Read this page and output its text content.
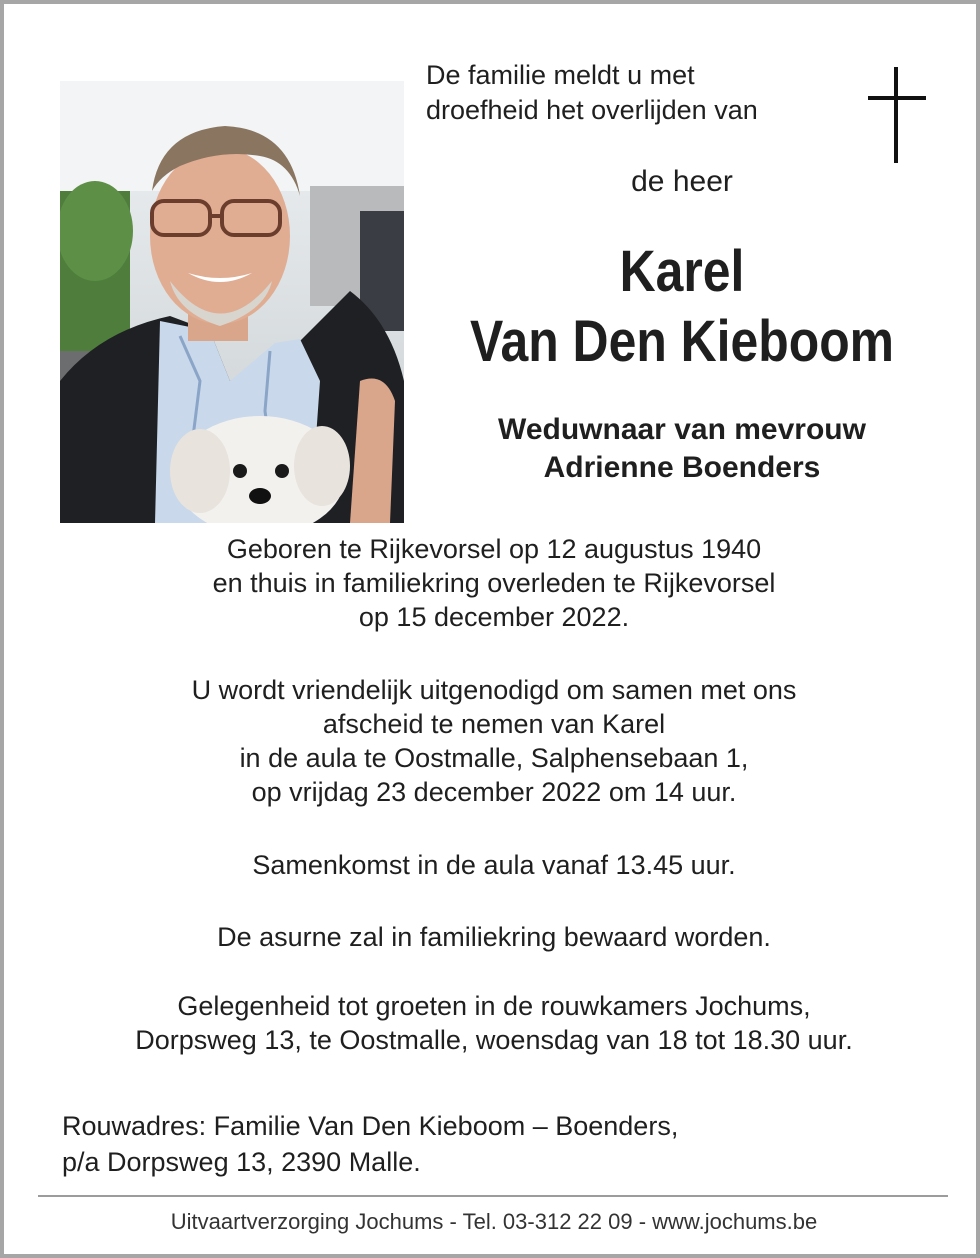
De familie meldt u met
droefheid het overlijden van
de heer
Karel
Van Den Kieboom
Weduwnaar van mevrouw
Adrienne Boenders
Geboren te Rijkevorsel op 12 augustus 1940
en thuis in familiekring overleden te Rijkevorsel
op 15 december 2022.
U wordt vriendelijk uitgenodigd om samen met ons
afscheid te nemen van Karel
in de aula te Oostmalle, Salphensebaan 1,
op vrijdag 23 december 2022 om 14 uur.
Samenkomst in de aula vanaf 13.45 uur.
De asurne zal in familiekring bewaard worden.
Gelegenheid tot groeten in de rouwkamers Jochums,
Dorpsweg 13, te Oostmalle, woensdag van 18 tot 18.30 uur.
Rouwadres: Familie Van Den Kieboom – Boenders,
p/a Dorpsweg 13, 2390 Malle.
Uitvaartverzorging Jochums - Tel. 03-312 22 09 - www.jochums.be
